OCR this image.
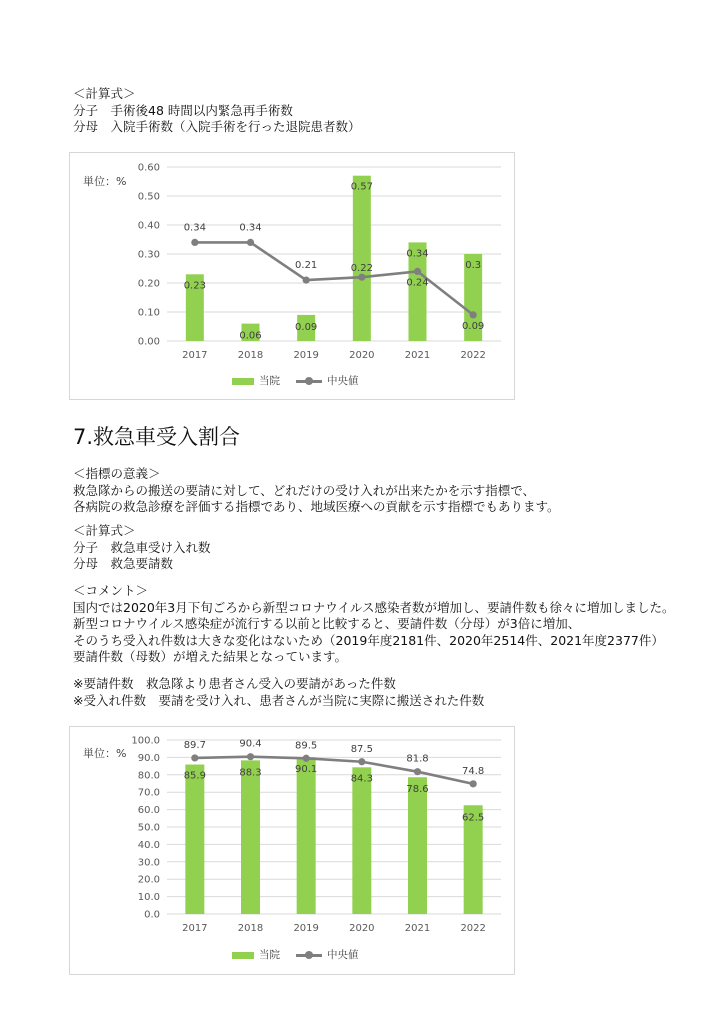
＜計算式＞
分子　手術後48 時間以内緊急再手術数
分母　入院手術数（入院手術を行った退院患者数）
単位：%
0.00
0.10
0.20
0.30
0.40
0.50
0.60
2017	2018	2019	2020	2021	2022
0.23
0.06
0.09
0.57
0.34
0.3
0.34	0.34
0.21	0.22
0.24
0.09
当院	中央値
7.救急車受入割合
＜指標の意義＞
救急隊からの搬送の要請に対して、どれだけの受け入れが出来たかを示す指標で、
各病院の救急診療を評価する指標であり、地域医療への貢献を示す指標でもあります。
＜計算式＞
分子　救急車受け入れ数
分母　救急要請数
＜コメント＞
国内では2020年3月下旬ごろから新型コロナウイルス感染者数が増加し、要請件数も徐々に増加しました。
新型コロナウイルス感染症が流行する以前と比較すると、要請件数（分母）が3倍に増加、
そのうち受入れ件数は大きな変化はないため（2019年度2181件、2020年2514件、2021年度2377件）
要請件数（母数）が増えた結果となっています。
※要請件数　救急隊より患者さん受入の要請があった件数
※受入れ件数　要請を受け入れ、患者さんが当院に実際に搬送された件数
単位：%
0.0
10.0
20.0
30.0
40.0
50.0
60.0
70.0
80.0
90.0
100.0
2017	2018	2019	2020	2021	2022
85.9	88.3	90.1
84.3
78.6
62.5
89.7	90.4	89.5	87.5
81.8
74.8
当院	中央値
